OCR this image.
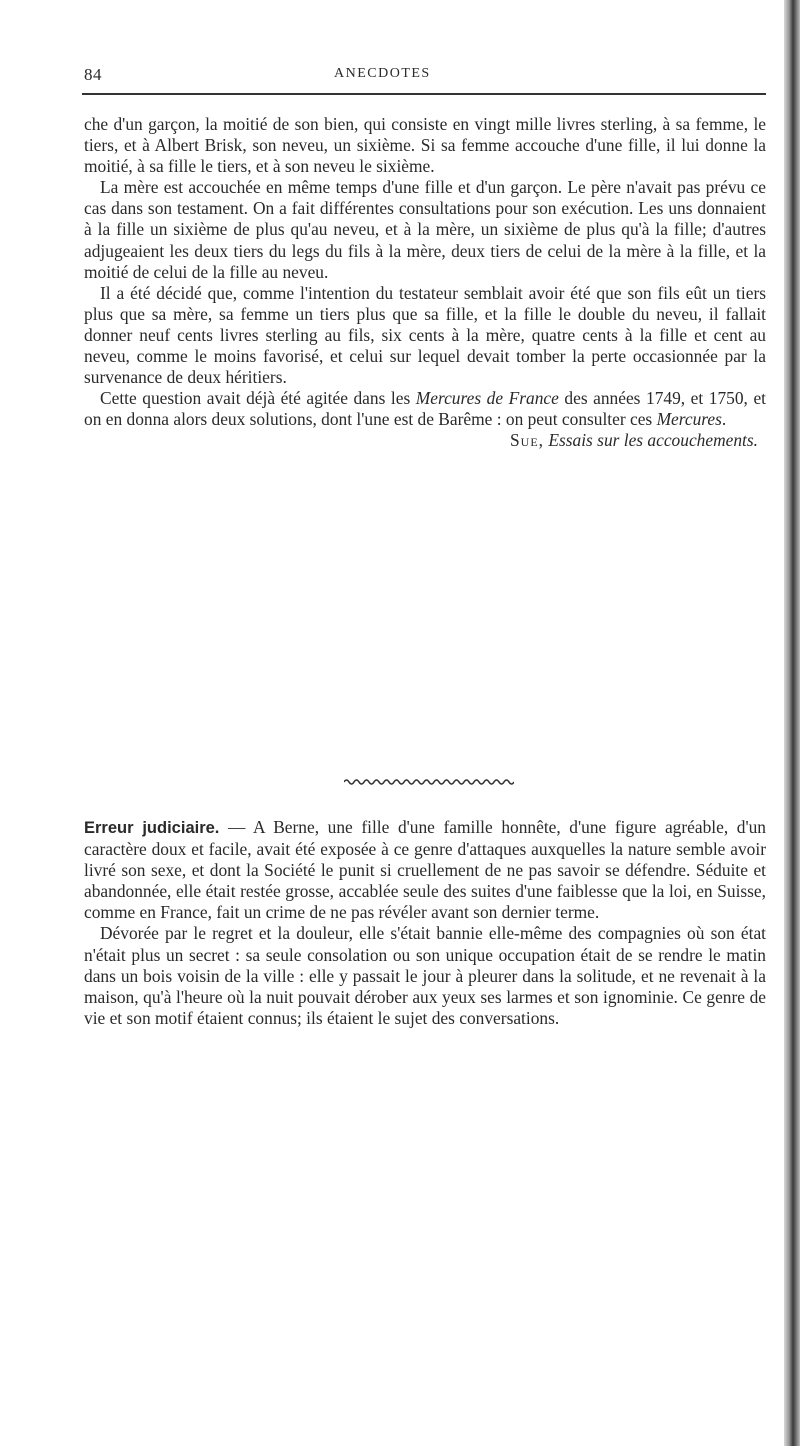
84	ANECDOTES

che d'un garçon, la moitié de son bien, qui consiste en vingt mille livres sterling, à sa femme, le tiers, et à Albert Brisk, son neveu, un sixième. Si sa femme accouche d'une fille, il lui donne la moitié, à sa fille le tiers, et à son neveu le sixième.

La mère est accouchée en même temps d'une fille et d'un garçon. Le père n'avait pas prévu ce cas dans son testament. On a fait différentes consultations pour son exécution. Les uns donnaient à la fille un sixième de plus qu'au neveu, et à la mère, un sixième de plus qu'à la fille; d'autres adjugeaient les deux tiers du legs du fils à la mère, deux tiers de celui de la mère à la fille, et la moitié de celui de la fille au neveu.

Il a été décidé que, comme l'intention du testateur semblait avoir été que son fils eût un tiers plus que sa mère, sa femme un tiers plus que sa fille, et la fille le double du neveu, il fallait donner neuf cents livres sterling au fils, six cents à la mère, quatre cents à la fille et cent au neveu, comme le moins favorisé, et celui sur lequel devait tomber la perte occasionnée par la survenance de deux héritiers.

Cette question avait déjà été agitée dans les Mercures de France des années 1749, et 1750, et on en donna alors deux solutions, dont l'une est de Barême : on peut consulter ces Mercures.

Sue, Essais sur les accouchements.

Erreur judiciaire. — A Berne, une fille d'une famille honnête, d'une figure agréable, d'un caractère doux et facile, avait été exposée à ce genre d'attaques auxquelles la nature semble avoir livré son sexe, et dont la Société le punit si cruellement de ne pas savoir se défendre. Séduite et abandonnée, elle était restée grosse, accablée seule des suites d'une faiblesse que la loi, en Suisse, comme en France, fait un crime de ne pas révéler avant son dernier terme.

Dévorée par le regret et la douleur, elle s'était bannie elle-même des compagnies où son état n'était plus un secret : sa seule consolation ou son unique occupation était de se rendre le matin dans un bois voisin de la ville : elle y passait le jour à pleurer dans la solitude, et ne revenait à la maison, qu'à l'heure où la nuit pouvait dérober aux yeux ses larmes et son ignominie. Ce genre de vie et son motif étaient connus; ils étaient le sujet des conversations.
